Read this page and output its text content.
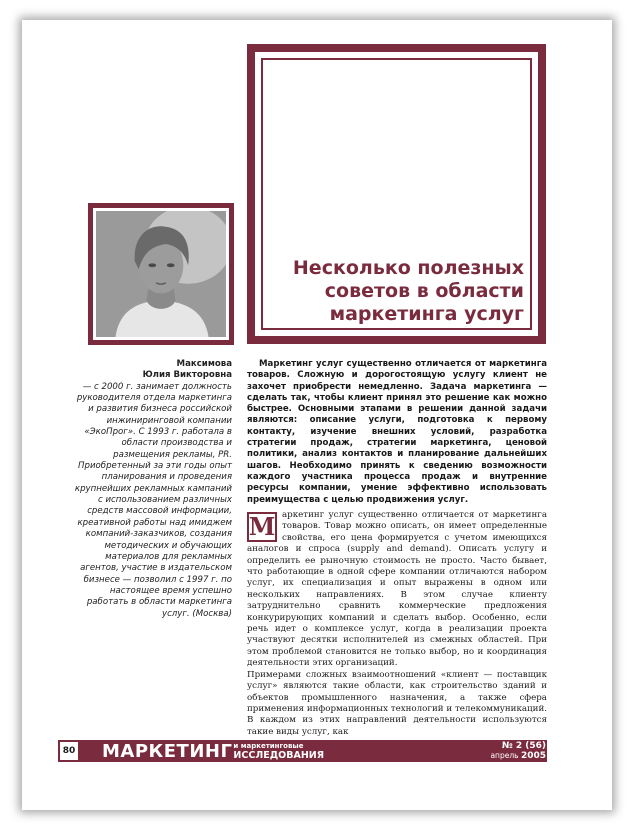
Несколько полезных советов в области маркетинга услуг
Максимова
Юлия Викторовна
— с 2000 г. занимает должность руководителя отдела маркетинга и развития бизнеса российской инжиниринговой компании «ЭкоПрог». С 1993 г. работала в области производства и размещения рекламы, PR. Приобретенный за эти годы опыт планирования и проведения крупнейших рекламных кампаний с использованием различных средств массовой информации, креативной работы над имиджем компаний-заказчиков, создания методических и обучающих материалов для рекламных агентов, участие в издательском бизнесе — позволил с 1997 г. по настоящее время успешно работать в области маркетинга услуг. (Москва)

Маркетинг услуг существенно отличается от маркетинга товаров. Сложную и дорогостоящую услугу клиент не захочет приобрести немедленно. Задача маркетинга — сделать так, чтобы клиент принял это решение как можно быстрее. Основными этапами в решении данной задачи являются: описание услуги, подготовка к первому контакту, изучение внешних условий, разработка стратегии продаж, стратегии маркетинга, ценовой политики, анализ контактов и планирование дальнейших шагов. Необходимо принять к сведению возможности каждого участника процесса продаж и внутренние ресурсы компании, умение эффективно использовать преимущества с целью продвижения услуг.

М аркетинг услуг существенно отличается от маркетинга товаров. Товар можно описать, он имеет определенные свойства, его цена формируется с учетом имеющихся аналогов и спроса (supply and demand). Описать услугу и определить ее рыночную стоимость не просто. Часто бывает, что работающие в одной сфере компании отличаются набором услуг, их специализация и опыт выражены в одном или нескольких направлениях. В этом случае клиенту затруднительно сравнить коммерческие предложения конкурирующих компаний и сделать выбор. Особенно, если речь идет о комплексе услуг, когда в реализации проекта участвуют десятки исполнителей из смежных областей. При этом проблемой становится не только выбор, но и координация деятельности этих организаций.

Примерами сложных взаимоотношений «клиент — поставщик услуг» являются такие области, как строительство зданий и объектов промышленного назначения, а также сфера применения информационных технологий и телекоммуникаций. В каждом из этих направлений деятельности используются такие виды услуг, как

80 МАРКЕТИНГ и маркетинговые
ИССЛЕДОВАНИЯ
№ 2 (56)
апрель 2005
